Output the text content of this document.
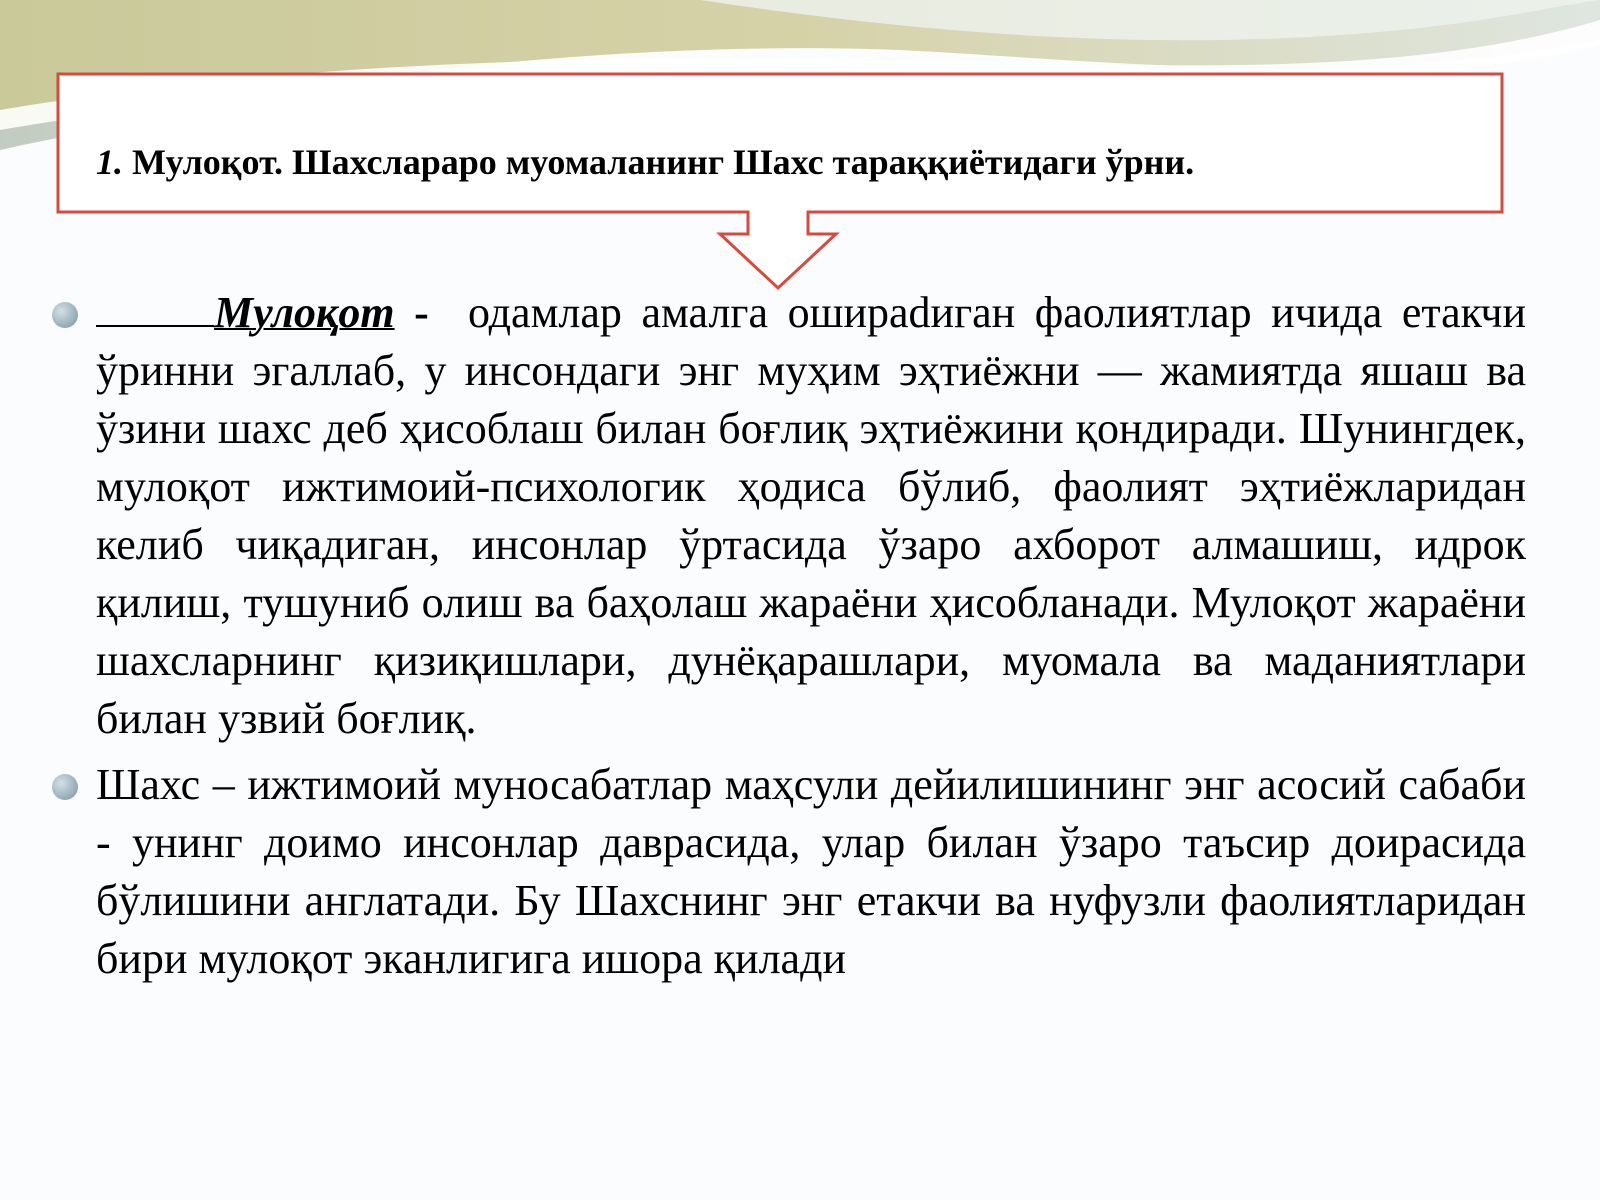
1. Мулоқот. Шахслараро муомаланинг Шахс тараққиётидаги ўрни.

Мулоқот -  одамлар амалга ошираdиган фаолиятлар ичида етакчи ўринни эгаллаб, у инсондаги энг муҳим эҳтиёжни — жамиятда яшаш ва ўзини шахс деб ҳисоблаш билан боғлиқ эҳтиёжини қондиради. Шунингдек, мулоқот ижтимоий-психологик ҳодиса бўлиб, фаолият эҳтиёжларидан келиб чиқадиган, инсонлар ўртасида ўзаро ахборот алмашиш, идрок қилиш, тушуниб олиш ва баҳолаш жараёни ҳисобланади. Мулоқот жараёни шахсларнинг қизиқишлари, дунёқарашлари, муомала ва маданиятлари билан узвий боғлиқ.

Шахс – ижтимоий муносабатлар маҳсули дейилишининг энг асосий сабаби - унинг доимо инсонлар даврасида, улар билан ўзаро таъсир доирасида бўлишини англатади. Бу Шахснинг энг етакчи ва нуфузли фаолиятларидан бири мулоқот эканлигига ишора қилади
